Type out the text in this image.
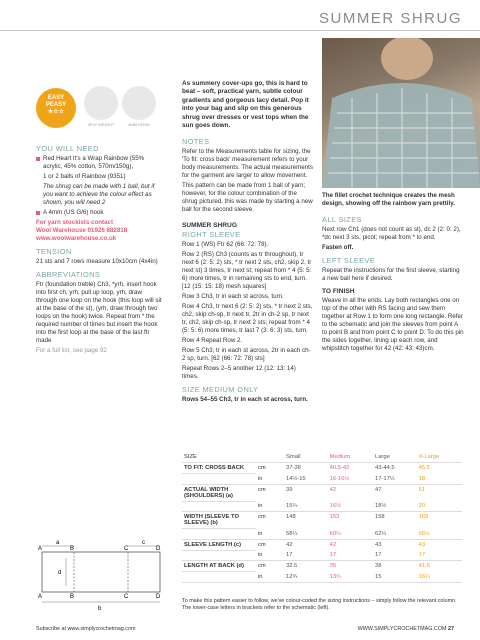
SUMMER SHRUG
EASY
PEASY
★☆☆
4PLY WEIGHT	4MM HOOK
YOU WILL NEED
Red Heart It's a Wrap Rainbow (55% acrylic, 45% cotton, 570m/150g),
1 or 2 balls of Rainbow (9351)
The shrug can be made with 1 ball, but if you want to achieve the colour effect as shown, you will need 2
A 4mm (US G/6) hook
For yarn stockists contact
Wool Warehouse 01926 882818
www.woolwarehouse.co.uk
TENSION
21 sts and 7 rows measure 10x10cm (4x4in)
ABBREVIATIONS
Ftr (foundation treble) Ch3, *yrh, insert hook into first ch, yrh, pull up loop, yrh, draw through one loop on the hook (this loop will sit at the base of the st), (yrh, draw through two loops on the hook) twice. Repeat from * the required number of times but insert the hook into the first loop at the base of the last ftr made
For a full list, see page 92
a	c
b
d
A	B	C	D
A	B	C	D
As summery cover-ups go, this is hard to beat – soft, practical yarn, subtle colour gradients and gorgeous lacy detail. Pop it into your bag and slip on this generous shrug over dresses or vest tops when the sun goes down.
NOTES
Refer to the Measurements table for sizing, the 'To fit: cross back' measurement refers to your body measurements. The actual measurements for the garment are larger to allow movement.
This pattern can be made from 1 ball of yarn; however, for the colour combination of the shrug pictured, this was made by starting a new ball for the second sleeve.
SUMMER SHRUG
RIGHT SLEEVE
Row 1 (WS) Ftr 62 (66: 72: 78).
Row 2 (RS) Ch3 (counts as tr throughout), tr next 6 (2: 5: 2) sts, * tr next 2 sts, ch2, skip 2, tr next st) 3 times, tr next st; repeat from * 4 (5: 5: 6) more times, tr in remaining sts to end, turn. [12 (15: 15: 18) mesh squares]
Row 3 Ch3, tr in each st across, turn.
Row 4 Ch3, tr next 6 (2: 5: 2) sts, * tr next 2 sts, ch2, skip ch-sp, tr next tr, 2tr in ch-2 sp, tr next tr, ch2, skip ch-sp, tr next 2 sts; repeat from * 4 (5: 5: 6) more times, tr last 7 (3: 6: 3) sts, turn.
Row 4 Repeat Row 2.
Row 5 Ch3, tr in each st across, 2tr in each ch-2 sp, turn. [62 (66: 72: 78) sts]
Repeat Rows 2–5 another 12 (12: 13: 14) times.
SIZE MEDIUM ONLY
Rows 54–55 Ch3, tr in each st across, turn.
The fillet crochet technique creates the mesh design, showing off the rainbow yarn prettily.
ALL SIZES
Next row Ch1 (does not count as st), dc 2 (2: 0: 2), *dc next 3 sts, picot; repeat from * to end.
Fasten off.
LEFT SLEEVE
Repeat the instructions for the first sleeve, starting a new ball here if desired.
TO FINISH
Weave in all the ends. Lay both rectangles one on top of the other with RS facing and sew them together at Row 1 to form one long rectangle. Refer to the schematic and join the sleeves from point A to point B and from point C to point D. To do this pin the sides together, lining up each row, and whipstitch together for 42 (42: 43: 43)cm.
SIZE		Small	Medium	Large	X-Large
TO FIT: CROSS BACK	cm	37-38	40.5-42	43-44.5	45.5
	in	14½-15	16-16½	17-17½	18
ACTUAL WIDTH (SHOULDERS) (a)	cm	39	42	47	51
	in	15¼	16½	18½	20
WIDTH (SLEEVE TO SLEEVE) (b)	cm	148	153	158	169
	in	58¼	60¼	62¼	66½
SLEEVE LENGTH (c)	cm	42	42	43	43
	in	17	17	17	17
LENGTH AT BACK (d)	cm	32.5	35	38	41.5
	in	12¾	13¾	15	16¼
To make this pattern easier to follow, we've colour-coded the sizing instructions – simply follow the relevant column. The lower-case letters in brackets refer to the schematic (left).
Subscribe at www.simplycrochetmag.com	WWW.SIMPLYCROCHETMAG.COM 27
